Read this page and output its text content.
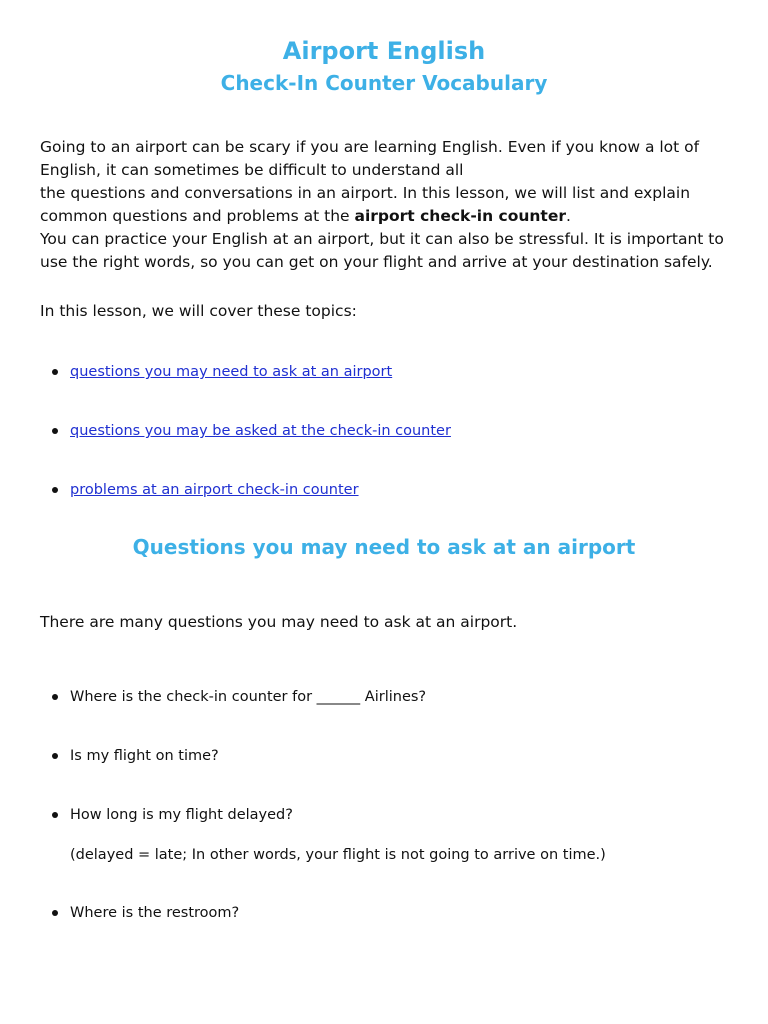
Airport English
Check-In Counter Vocabulary

Going to an airport can be scary if you are learning English. Even if you know a lot of
English, it can sometimes be difficult to understand all
the questions and conversations in an airport. In this lesson, we will list and explain
common questions and problems at the airport check-in counter.
You can practice your English at an airport, but it can also be stressful. It is important to
use the right words, so you can get on your flight and arrive at your destination safely.

In this lesson, we will cover these topics:

questions you may need to ask at an airport
questions you may be asked at the check-in counter
problems at an airport check-in counter
Questions you may need to ask at an airport

There are many questions you may need to ask at an airport.

Where is the check-in counter for ______ Airlines?
Is my flight on time?
How long is my flight delayed?
Where is the restroom?

(delayed = late; In other words, your flight is not going to arrive on time.)
